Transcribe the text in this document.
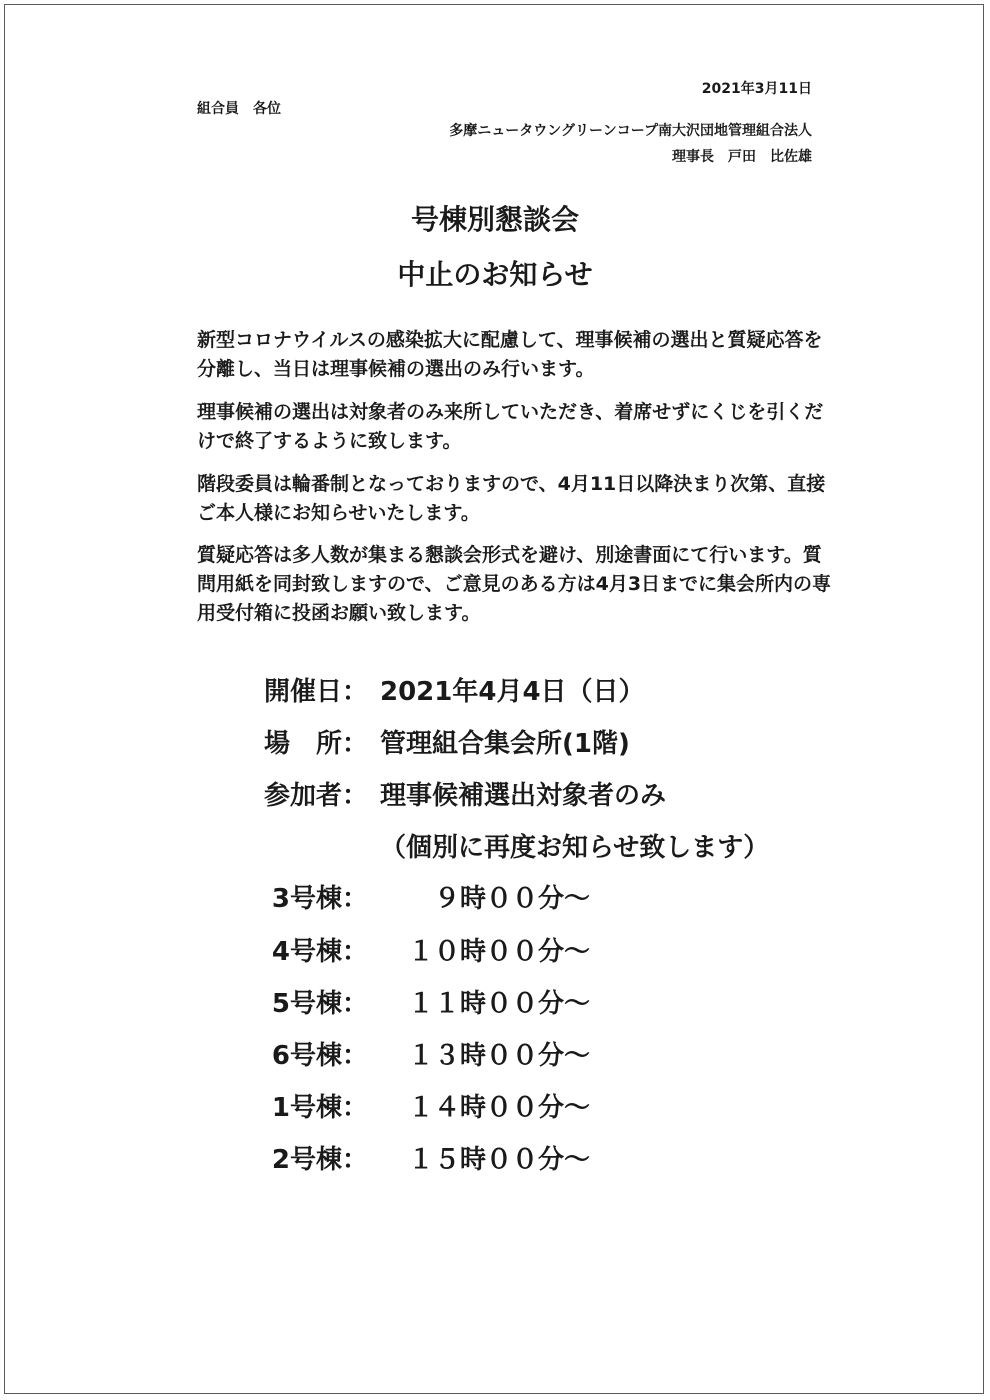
2021年3月11日
組合員　各位
多摩ニュータウングリーンコープ南大沢団地管理組合法人
理事長　戸田　比佐雄
号棟別懇談会
中止のお知らせ
新型コロナウイルスの感染拡大に配慮して、理事候補の選出と質疑応答を分離し、当日は理事候補の選出のみ行います。
理事候補の選出は対象者のみ来所していただき、着席せずにくじを引くだけで終了するように致します。
階段委員は輪番制となっておりますので、4月11日以降決まり次第、直接ご本人様にお知らせいたします。
質疑応答は多人数が集まる懇談会形式を避け、別途書面にて行います。質問用紙を同封致しますので、ご意見のある方は4月3日までに集会所内の専用受付箱に投函お願い致します。
開催日： 2021年4月4日（日）
場　所： 管理組合集会所(1階)
参加者： 理事候補選出対象者のみ
（個別に再度お知らせ致します）
3号棟：	９時００分～
4号棟：	１０時００分～
5号棟：	１１時００分～
6号棟：	１３時００分～
1号棟：	１４時００分～
2号棟：	１５時００分～
